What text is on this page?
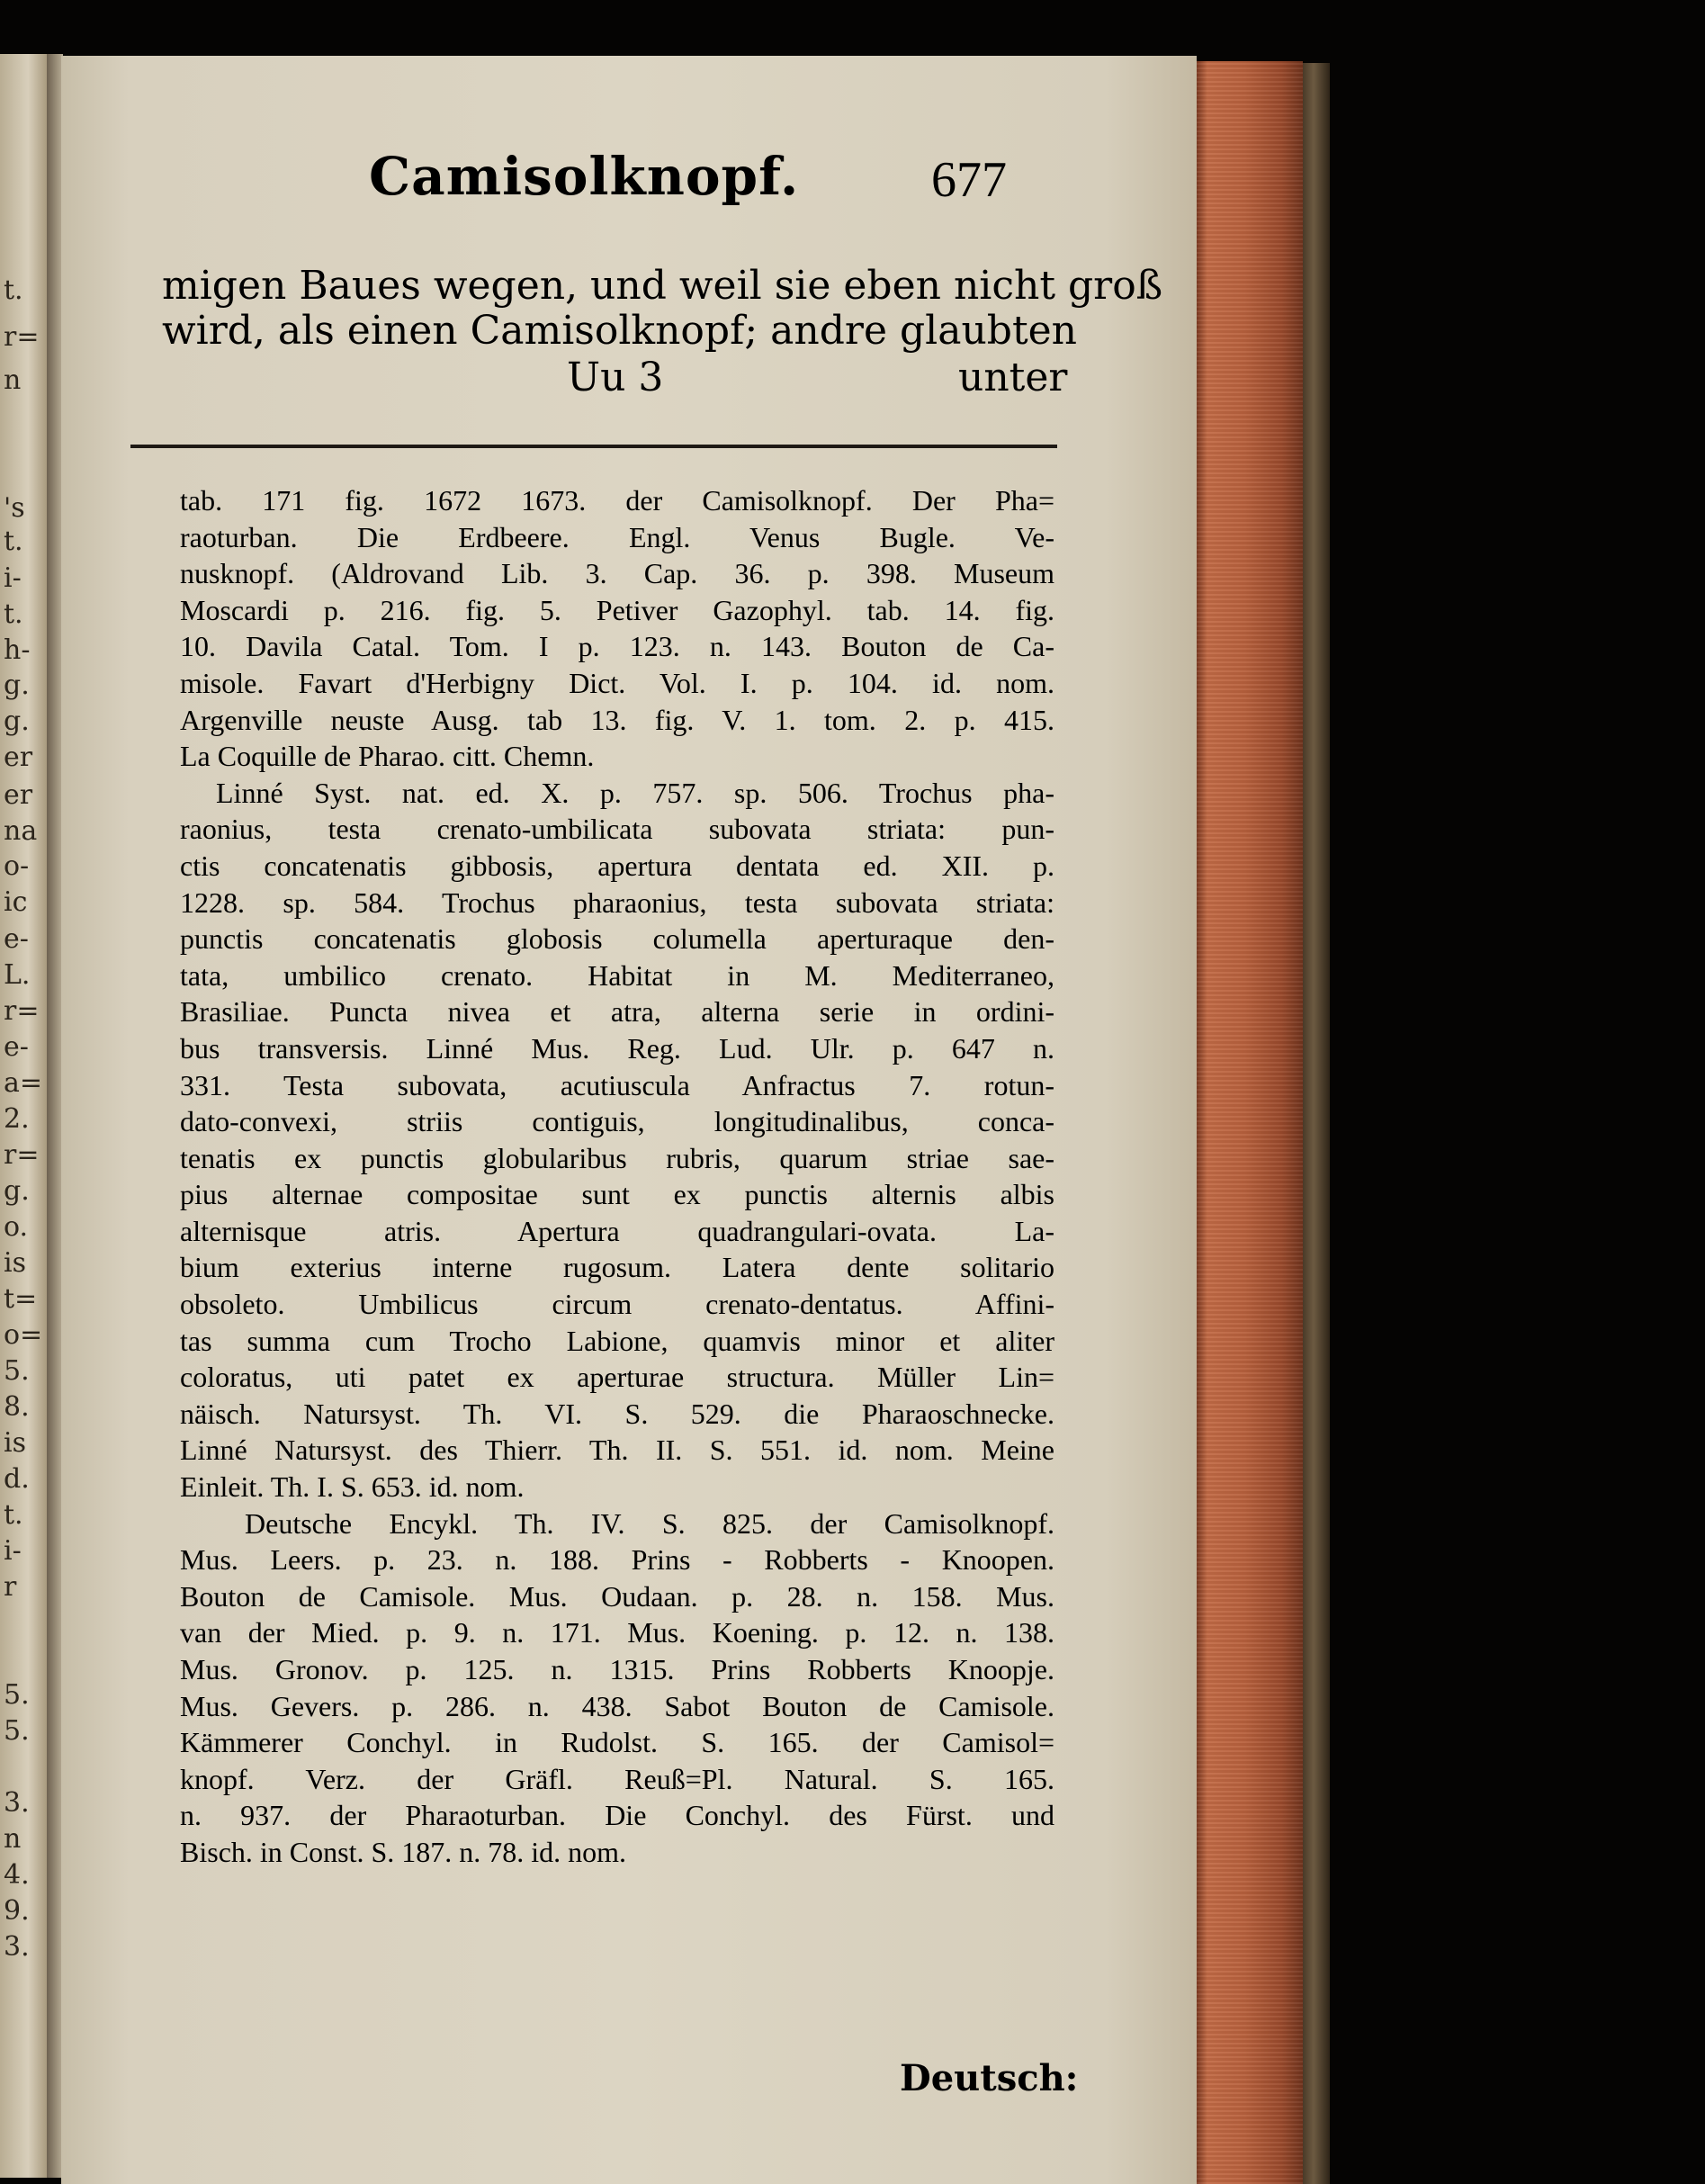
t.
r=
n
's
t.
i-
t.
h-
g.
g.
er
er
na
o-
ic
e-
L.
r=
e-
a=
2.
r=
g.
o.
is
t=
o=
5.
8.
is
d.
t.
i-
r
5.
5.
3.
n
4.
9.
3.
Camisolknopf.	677
migen Baues wegen, und weil sie eben nicht groß
wird, als einen Camisolknopf; andre glaubten
Uu 3	unter
tab. 171 fig. 1672 1673. der Camisolknopf. Der Pha=
raoturban. Die Erdbeere. Engl. Venus Bugle. Ve-
nusknopf. (Aldrovand Lib. 3. Cap. 36. p. 398. Museum
Moscardi p. 216. fig. 5. Petiver Gazophyl. tab. 14. fig.
10. Davila Catal. Tom. I p. 123. n. 143. Bouton de Ca-
misole. Favart d'Herbigny Dict. Vol. I. p. 104. id. nom.
Argenville neuste Ausg. tab 13. fig. V. 1. tom. 2. p. 415.
La Coquille de Pharao. citt. Chemn.
Linné Syst. nat. ed. X. p. 757. sp. 506. Trochus pha-
raonius, testa crenato-umbilicata subovata striata: pun-
ctis concatenatis gibbosis, apertura dentata ed. XII. p.
1228. sp. 584. Trochus pharaonius, testa subovata striata:
punctis concatenatis globosis columella aperturaque den-
tata, umbilico crenato. Habitat in M. Mediterraneo,
Brasiliae. Puncta nivea et atra, alterna serie in ordini-
bus transversis. Linné Mus. Reg. Lud. Ulr. p. 647 n.
331. Testa subovata, acutiuscula Anfractus 7. rotun-
dato-convexi, striis contiguis, longitudinalibus, conca-
tenatis ex punctis globularibus rubris, quarum striae sae-
pius alternae compositae sunt ex punctis alternis albis
alternisque atris. Apertura quadrangulari-ovata. La-
bium exterius interne rugosum. Latera dente solitario
obsoleto. Umbilicus circum crenato-dentatus. Affini-
tas summa cum Trocho Labione, quamvis minor et aliter
coloratus, uti patet ex aperturae structura. Müller Lin=
näisch. Natursyst. Th. VI. S. 529. die Pharaoschnecke.
Linné Natursyst. des Thierr. Th. II. S. 551. id. nom. Meine
Einleit. Th. I. S. 653. id. nom.
Deutsche Encykl. Th. IV. S. 825. der Camisolknopf.
Mus. Leers. p. 23. n. 188. Prins - Robberts - Knoopen.
Bouton de Camisole. Mus. Oudaan. p. 28. n. 158. Mus.
van der Mied. p. 9. n. 171. Mus. Koening. p. 12. n. 138.
Mus. Gronov. p. 125. n. 1315. Prins Robberts Knoopje.
Mus. Gevers. p. 286. n. 438. Sabot Bouton de Camisole.
Kämmerer Conchyl. in Rudolst. S. 165. der Camisol=
knopf. Verz. der Gräfl. Reuß=Pl. Natural. S. 165.
n. 937. der Pharaoturban. Die Conchyl. des Fürst. und
Bisch. in Const. S. 187. n. 78. id. nom.
Deutsch:
